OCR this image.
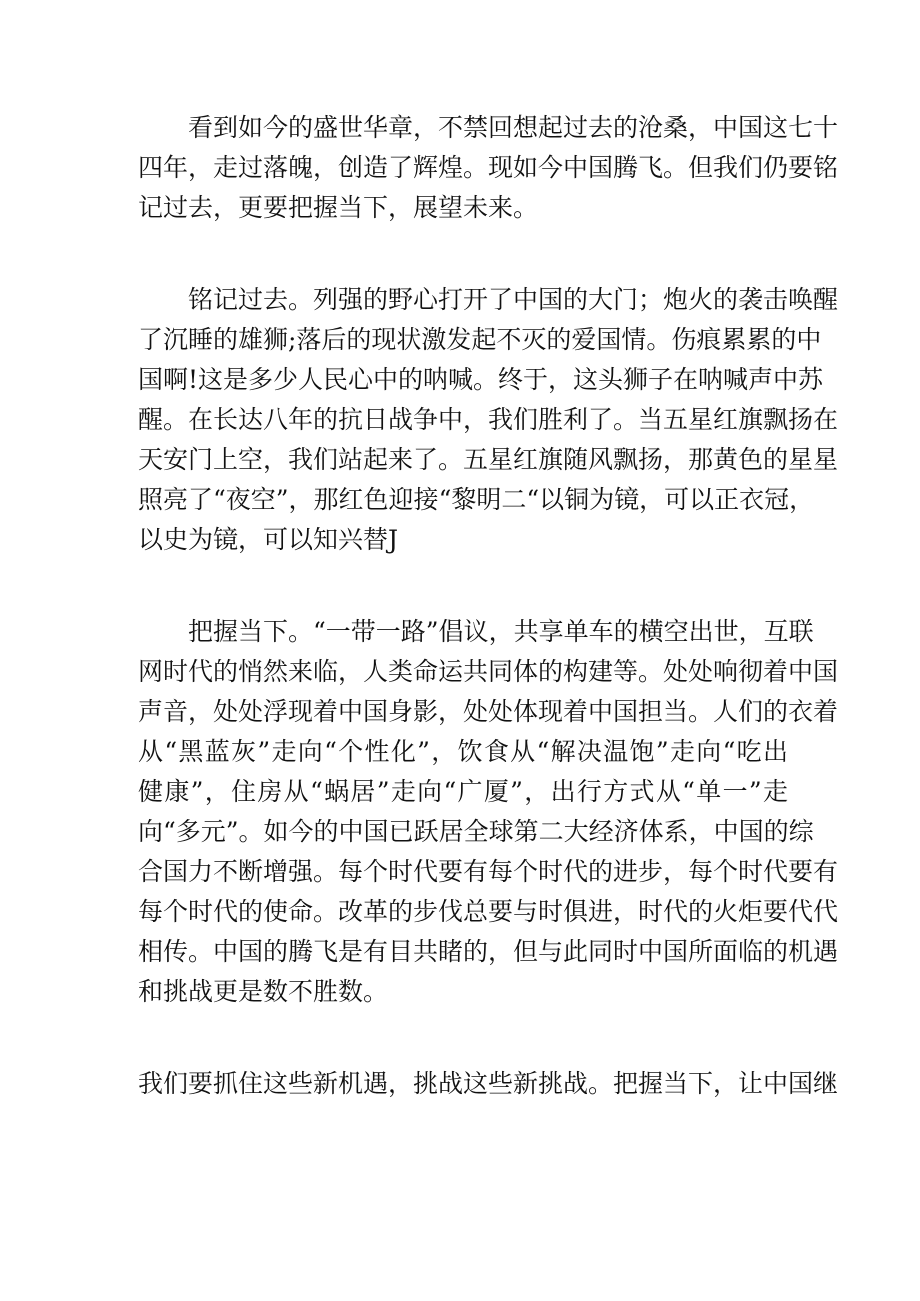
看到如今的盛世华章，不禁回想起过去的沧桑，中国这七十
四年，走过落魄，创造了辉煌。现如今中国腾飞。但我们仍要铭
记过去，更要把握当下，展望未来。
铭记过去。列强的野心打开了中国的大门；炮火的袭击唤醒
了沉睡的雄狮;落后的现状激发起不灭的爱国情。伤痕累累的中
国啊!这是多少人民心中的呐喊。终于，这头狮子在呐喊声中苏
醒。在长达八年的抗日战争中，我们胜利了。当五星红旗飘扬在
天安门上空，我们站起来了。五星红旗随风飘扬，那黄色的星星
照亮了“夜空”，那红色迎接“黎明二“以铜为镜，可以正衣冠，
以史为镜，可以知兴替J
把握当下。“一带一路”倡议，共享单车的横空出世，互联
网时代的悄然来临，人类命运共同体的构建等。处处响彻着中国
声音，处处浮现着中国身影，处处体现着中国担当。人们的衣着
从“黑蓝灰”走向“个性化”，饮食从“解决温饱”走向“吃出
健康”，住房从“蜗居”走向“广厦”，出行方式从“单一”走
向“多元”。如今的中国已跃居全球第二大经济体系，中国的综
合国力不断增强。每个时代要有每个时代的进步，每个时代要有
每个时代的使命。改革的步伐总要与时俱进，时代的火炬要代代
相传。中国的腾飞是有目共睹的，但与此同时中国所面临的机遇
和挑战更是数不胜数。
我们要抓住这些新机遇，挑战这些新挑战。把握当下，让中国继
